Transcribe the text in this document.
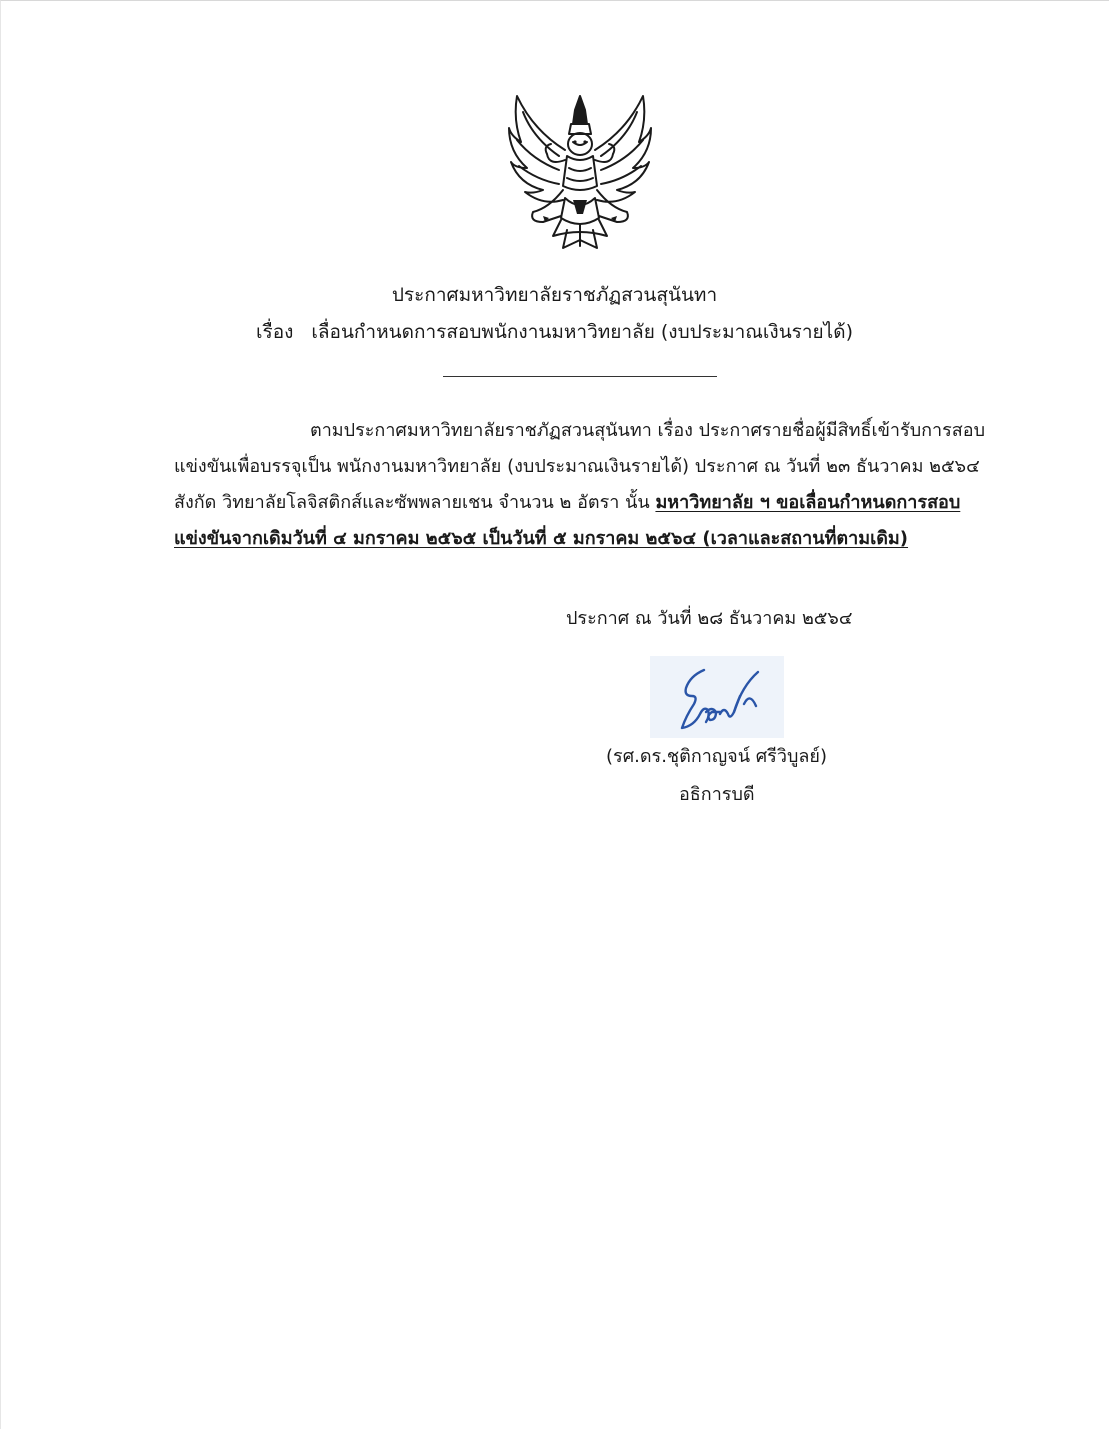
ประกาศมหาวิทยาลัยราชภัฏสวนสุนันทา
เรื่อง เลื่อนกำหนดการสอบพนักงานมหาวิทยาลัย (งบประมาณเงินรายได้)
ตามประกาศมหาวิทยาลัยราชภัฏสวนสุนันทา เรื่อง ประกาศรายชื่อผู้มีสิทธิ์เข้ารับการสอบ
แข่งขันเพื่อบรรจุเป็น พนักงานมหาวิทยาลัย (งบประมาณเงินรายได้) ประกาศ ณ วันที่ ๒๓ ธันวาคม ๒๕๖๔
สังกัด วิทยาลัยโลจิสติกส์และซัพพลายเชน จำนวน ๒ อัตรา นั้น มหาวิทยาลัย ฯ ขอเลื่อนกำหนดการสอบ
แข่งขันจากเดิมวันที่ ๔ มกราคม ๒๕๖๕ เป็นวันที่ ๕ มกราคม ๒๕๖๔ (เวลาและสถานที่ตามเดิม)
ประกาศ ณ วันที่ ๒๘ ธันวาคม ๒๕๖๔
(รศ.ดร.ชุติกาญจน์ ศรีวิบูลย์)
อธิการบดี
